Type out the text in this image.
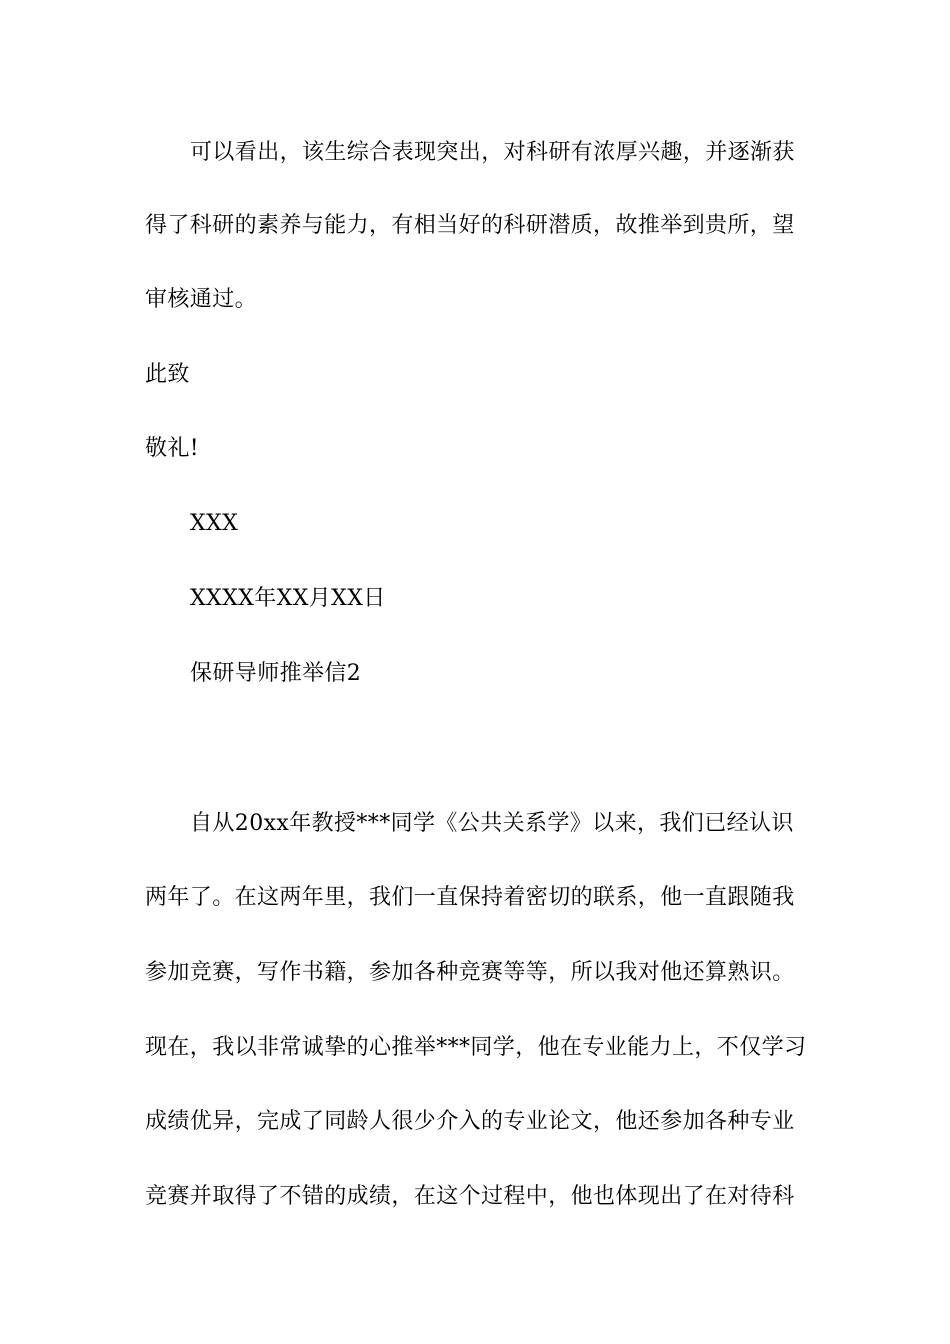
可以看出，该生综合表现突出，对科研有浓厚兴趣，并逐渐获
得了科研的素养与能力，有相当好的科研潜质，故推举到贵所，望
审核通过。
此致
敬礼!
XXX
XXXX年XX月XX日
保研导师推举信2
自从20xx年教授***同学《公共关系学》以来，我们已经认识
两年了。在这两年里，我们一直保持着密切的联系，他一直跟随我
参加竞赛，写作书籍，参加各种竞赛等等，所以我对他还算熟识。
现在，我以非常诚挚的心推举***同学，他在专业能力上，不仅学习
成绩优异，完成了同龄人很少介入的专业论文，他还参加各种专业
竞赛并取得了不错的成绩，在这个过程中，他也体现出了在对待科
